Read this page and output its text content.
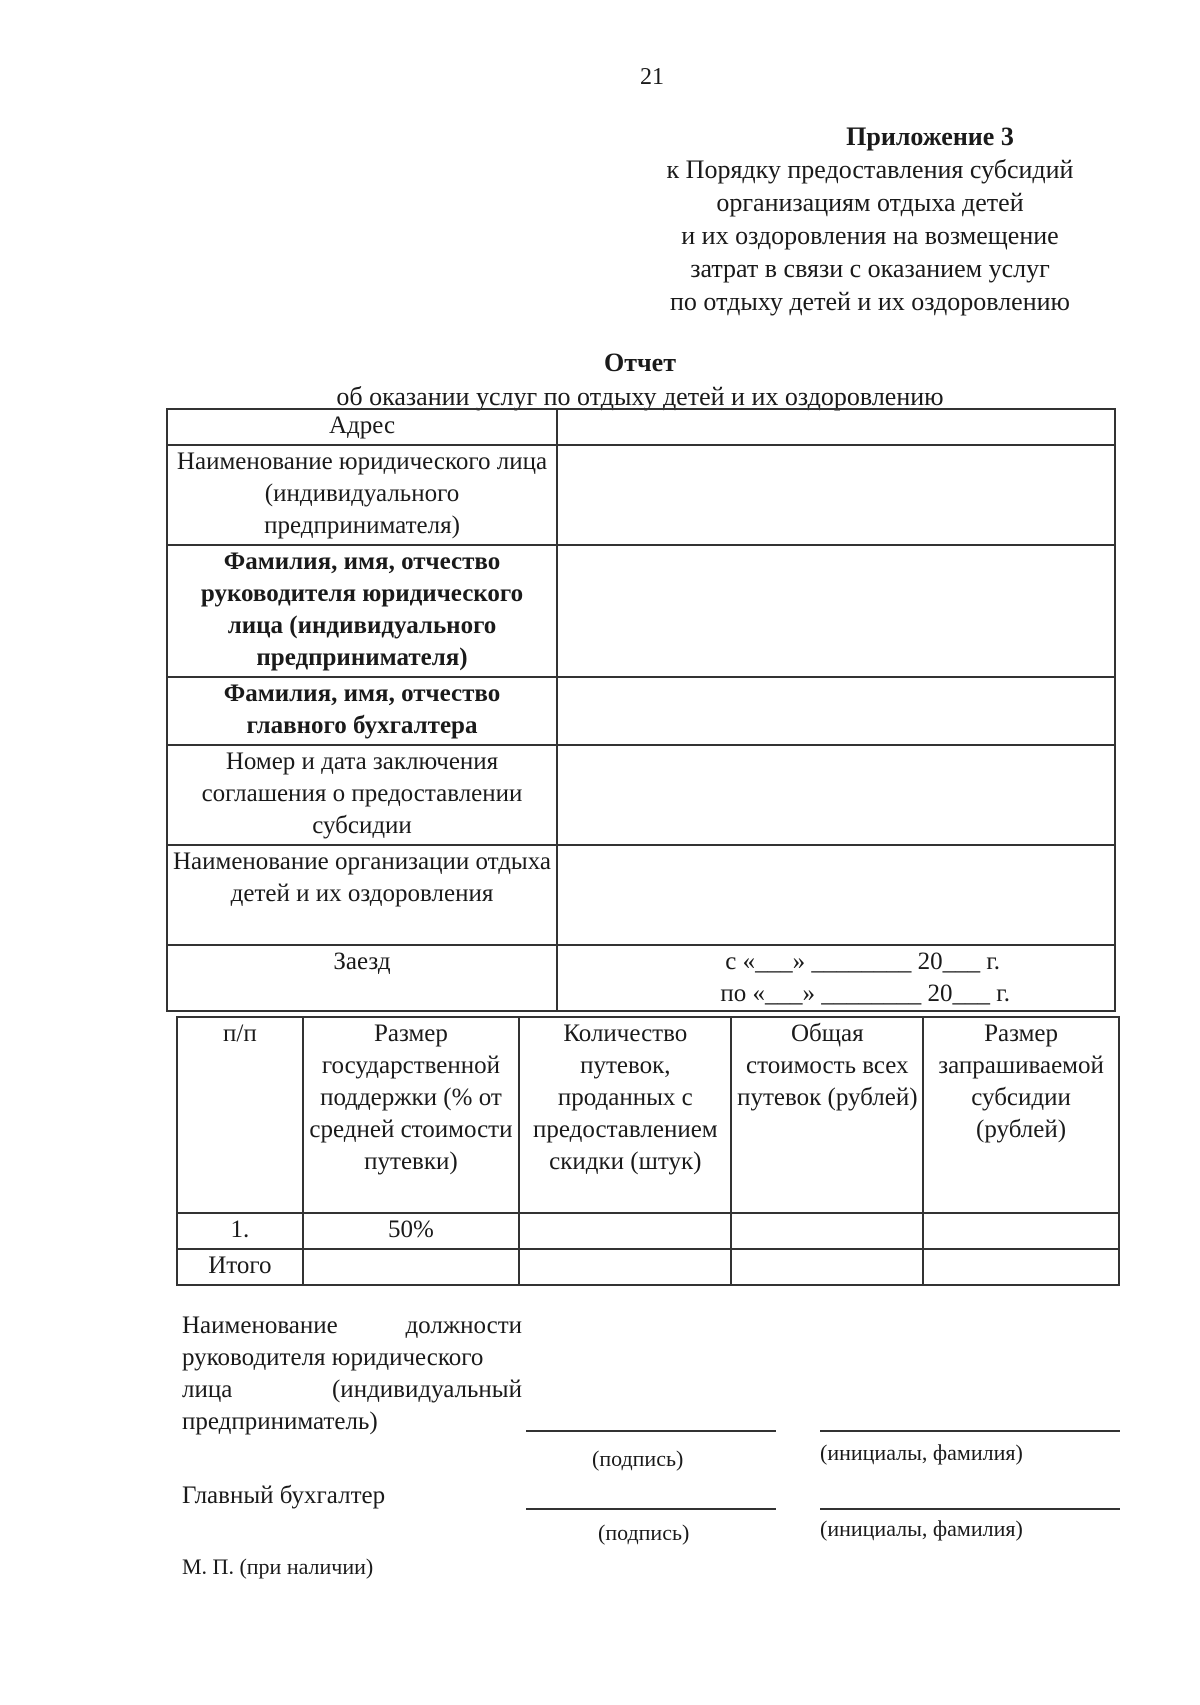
21
Приложение 3
к Порядку предоставления субсидий
организациям отдыха детей
и их оздоровления на возмещение
затрат в связи с оказанием услуг
по отдыху детей и их оздоровлению
Отчет
об оказании услуг по отдыху детей и их оздоровлению
Адрес	
Наименование юридического лица (индивидуального предпринимателя)	
Фамилия, имя, отчество руководителя юридического лица (индивидуального предпринимателя)	
Фамилия, имя, отчество главного бухгалтера	
Номер и дата заключения соглашения о предоставлении субсидии	
Наименование организации отдыха детей и их оздоровления	
Заезд	с «___» ________ 20___ г.
по «___» ________ 20___ г.
п/п	Размер государственной поддержки (% от средней стоимости путевки)	Количество путевок, проданных с предоставлением скидки (штук)	Общая стоимость всех путевок (рублей)	Размер запрашиваемой субсидии (рублей)
1.	50%			
Итого				
Наименование	должности
руководителя юридического
лица	(индивидуальный
предприниматель)
(подпись)	(инициалы, фамилия)
Главный бухгалтер
(подпись)	(инициалы, фамилия)
М. П. (при наличии)
